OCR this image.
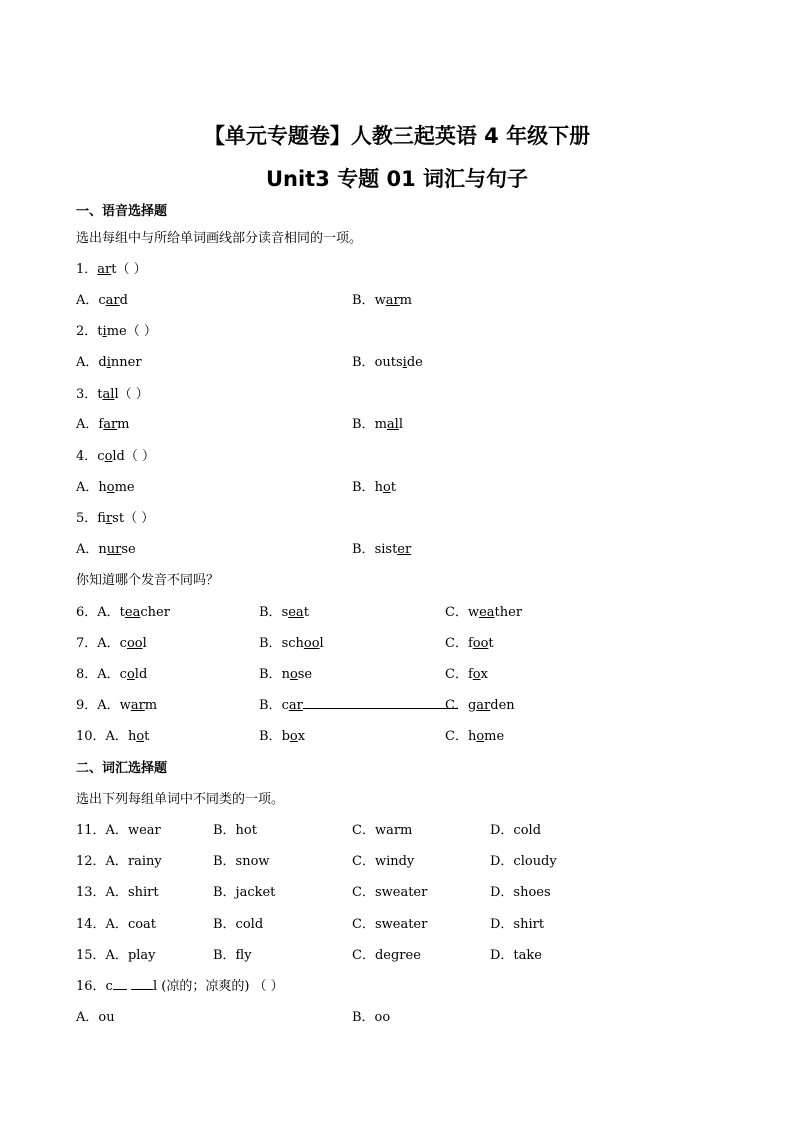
【单元专题卷】人教三起英语 4 年级下册
Unit3 专题 01 词汇与句子
一、语音选择题
选出每组中与所给单词画线部分读音相同的一项。
1．art（ ）
A．card	B．warm
2．time（ ）
A．dinner	B．outside
3．tall（ ）
A．farm	B．mall
4．cold（ ）
A．home	B．hot
5．first（ ）
A．nurse	B．sister
你知道哪个发音不同吗？
6．A．teacher	B．seat	C．weather
7．A．cool	B．school	C．foot
8．A．cold	B．nose	C．fox
9．A．warm	B．car	C．garden
10．A．hot	B．box	C．home
二、词汇选择题
选出下列每组单词中不同类的一项。
11．A．wear	B．hot	C．warm	D．cold
12．A．rainy	B．snow	C．windy	D．cloudy
13．A．shirt	B．jacket	C．sweater	D．shoes
14．A．coat	B．cold	C．sweater	D．shirt
15．A．play	B．fly	C．degree	D．take
16．c	l (凉的；凉爽的) （ ）
A．ou	B．oo
